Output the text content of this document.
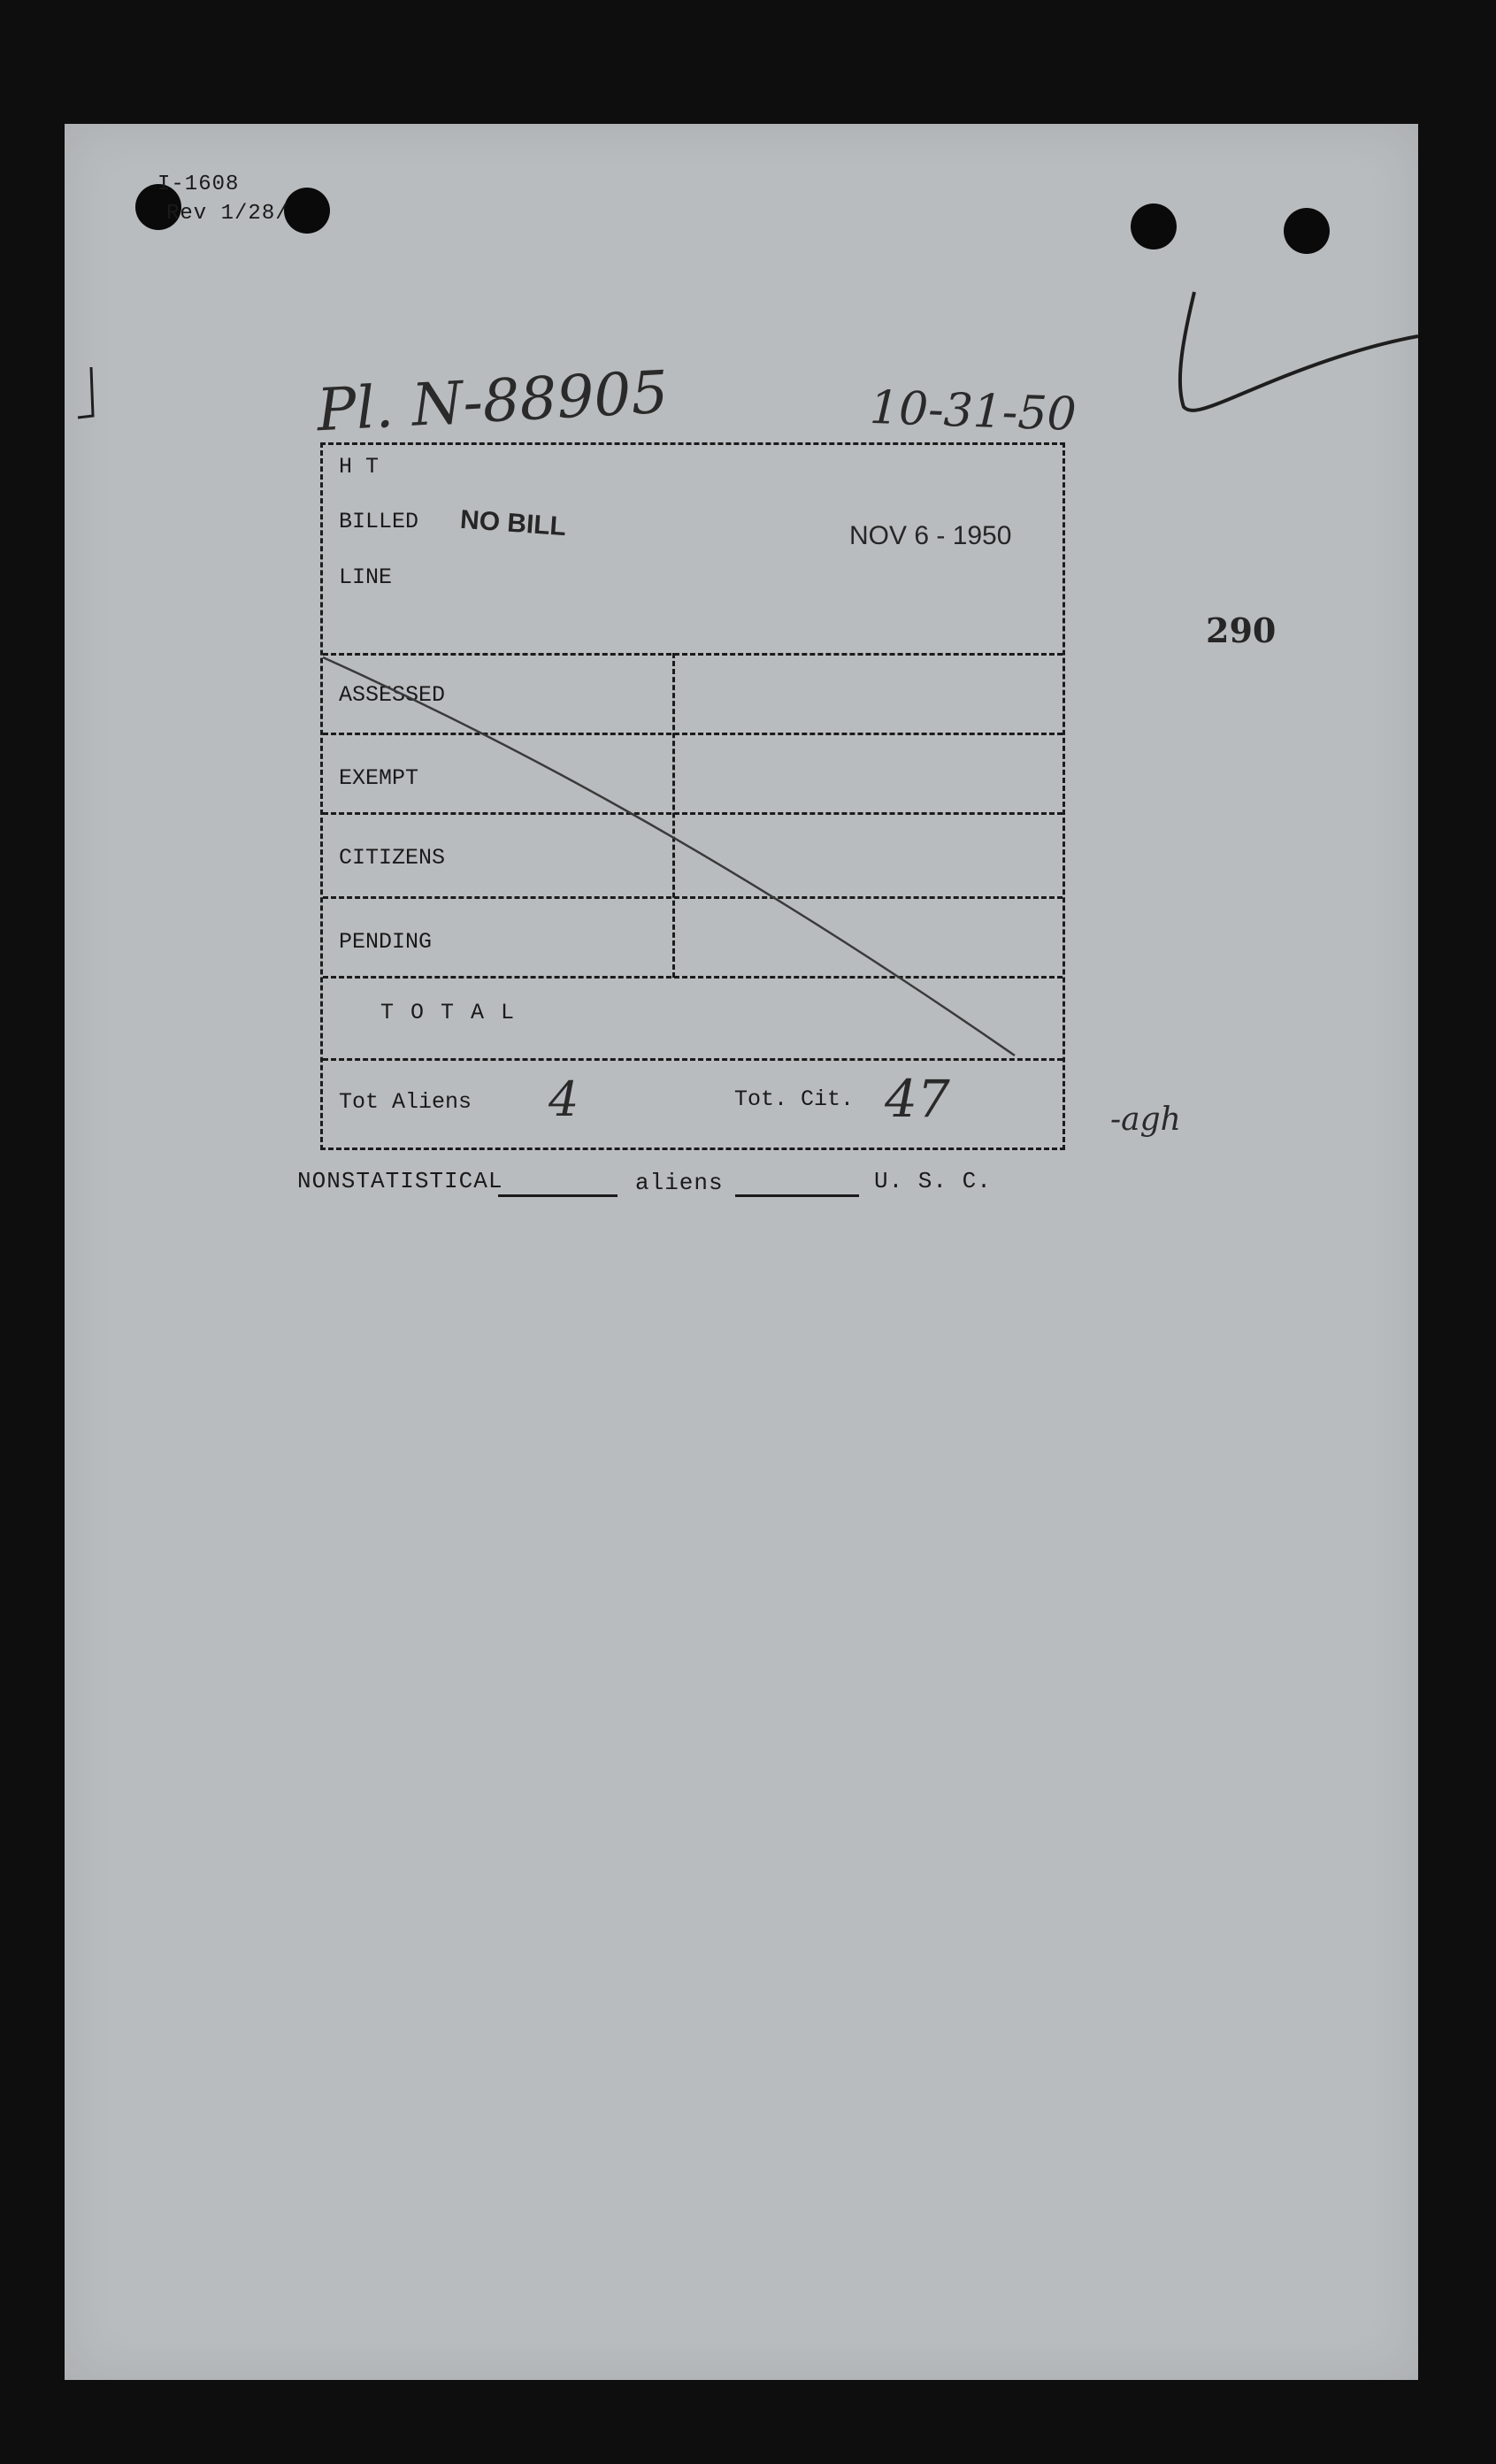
I-1608
Rev 1/28/
Pl. N-88905	10-31-50
290
-agh
H T
BILLED NO BILL	NOV 6 - 1950
LINE
ASSESSED
EXEMPT
CITIZENS
PENDING
T O T A L
Tot Aliens 4	Tot. Cit. 47
NONSTATISTICAL	aliens	U. S. C.
